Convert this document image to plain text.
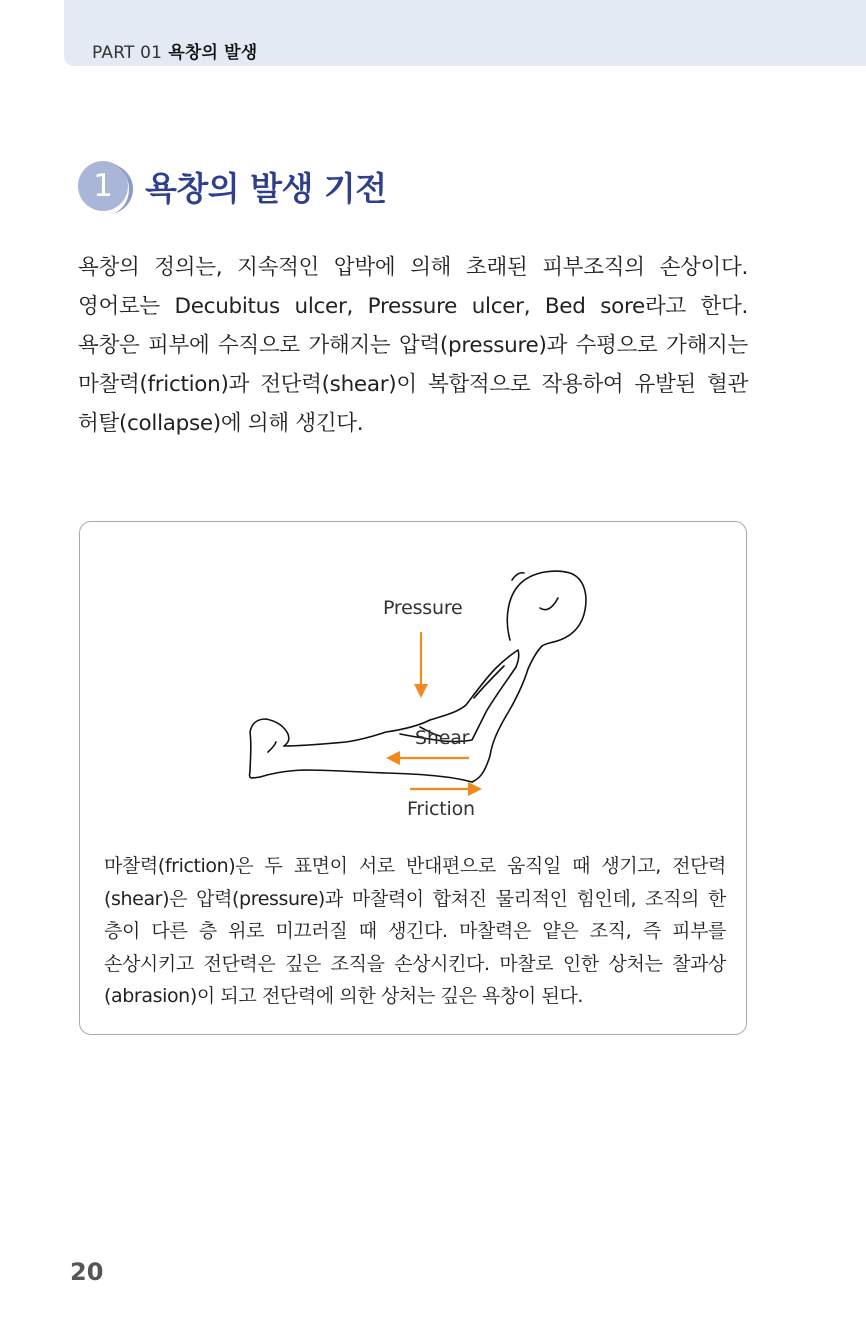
PART 01 욕창의 발생
1 욕창의 발생 기전

욕창의 정의는, 지속적인 압박에 의해 초래된 피부조직의 손상이다. 영어로는 Decubitus ulcer, Pressure ulcer, Bed sore라고 한다. 욕창은 피부에 수직으로 가해지는 압력(pressure)과 수평으로 가해지는 마찰력(friction)과 전단력(shear)이 복합적으로 작용하여 유발된 혈관 허탈(collapse)에 의해 생긴다.

Pressure
Shear
Friction

마찰력(friction)은 두 표면이 서로 반대편으로 움직일 때 생기고, 전단력(shear)은 압력(pressure)과 마찰력이 합쳐진 물리적인 힘인데, 조직의 한 층이 다른 층 위로 미끄러질 때 생긴다. 마찰력은 얕은 조직, 즉 피부를 손상시키고 전단력은 깊은 조직을 손상시킨다. 마찰로 인한 상처는 찰과상(abrasion)이 되고 전단력에 의한 상처는 깊은 욕창이 된다.

20
